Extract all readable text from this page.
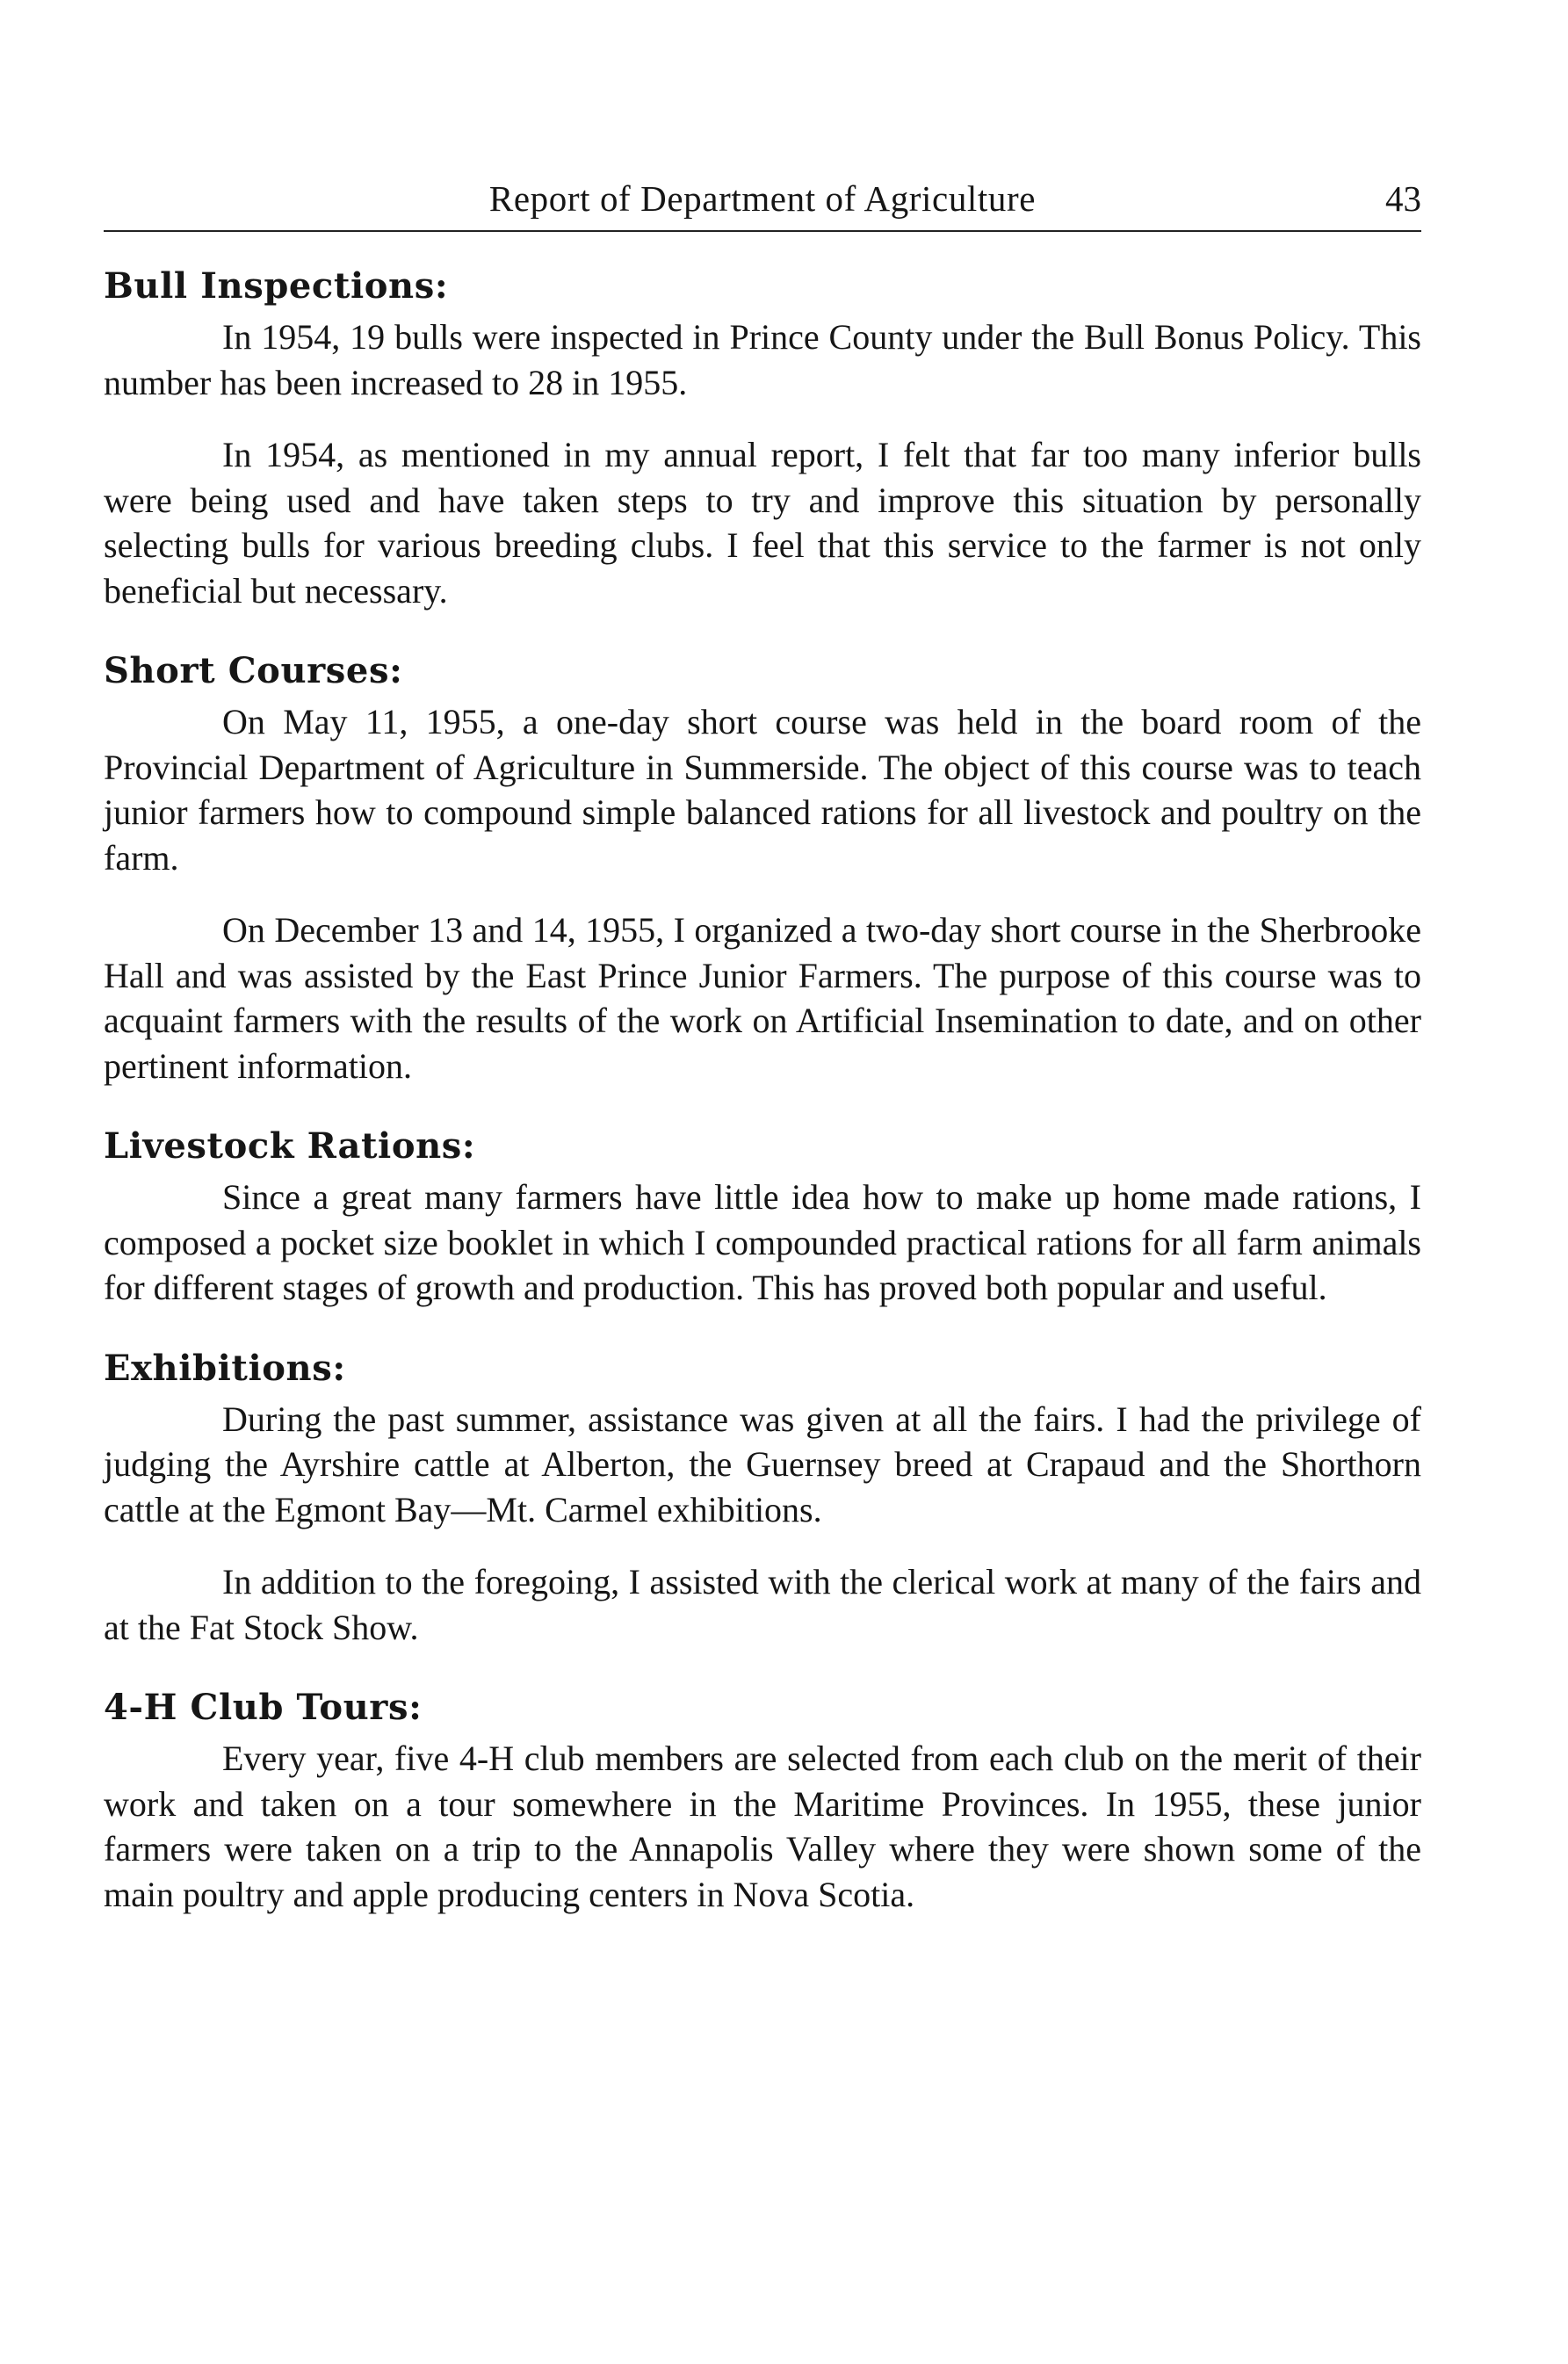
Report of Department of Agriculture	43
Bull Inspections:

In 1954, 19 bulls were inspected in Prince County under the Bull Bonus Policy. This number has been increased to 28 in 1955.

In 1954, as mentioned in my annual report, I felt that far too many inferior bulls were being used and have taken steps to try and improve this situation by personally selecting bulls for various breeding clubs. I feel that this service to the farmer is not only beneficial but necessary.

Short Courses:

On May 11, 1955, a one-day short course was held in the board room of the Provincial Department of Agriculture in Summerside. The object of this course was to teach junior farmers how to compound simple balanced rations for all livestock and poultry on the farm.

On December 13 and 14, 1955, I organized a two-day short course in the Sherbrooke Hall and was assisted by the East Prince Junior Farmers. The purpose of this course was to acquaint farmers with the results of the work on Artificial Insemination to date, and on other pertinent information.

Livestock Rations:

Since a great many farmers have little idea how to make up home made rations, I composed a pocket size booklet in which I compounded practical rations for all farm animals for different stages of growth and production. This has proved both popular and useful.

Exhibitions:

During the past summer, assistance was given at all the fairs. I had the privilege of judging the Ayrshire cattle at Alberton, the Guernsey breed at Crapaud and the Shorthorn cattle at the Egmont Bay—Mt. Carmel exhibitions.

In addition to the foregoing, I assisted with the clerical work at many of the fairs and at the Fat Stock Show.

4-H Club Tours:

Every year, five 4-H club members are selected from each club on the merit of their work and taken on a tour somewhere in the Maritime Provinces. In 1955, these junior farmers were taken on a trip to the Annapolis Valley where they were shown some of the main poultry and apple producing centers in Nova Scotia.
